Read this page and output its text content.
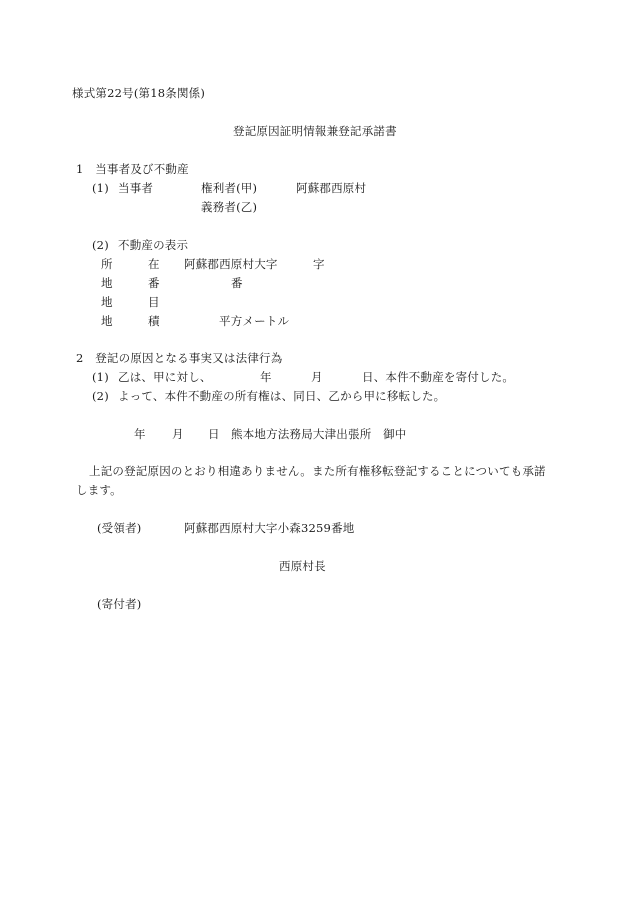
様式第22号(第18条関係)
登記原因証明情報兼登記承諾書
1　当事者及び不動産
(1) 当事者	権利者(甲)	阿蘇郡西原村
義務者(乙)
(2) 不動産の表示
所	在 阿蘇郡西原村大字	字
地	番	番
地	目
地	積	平方メートル
2　登記の原因となる事実又は法律行為
(1) 乙は、甲に対し、	年	月	日、本件不動産を寄付した。
(2) よって、本件不動産の所有権は、同日、乙から甲に移転した。
年 月 日 熊本地方法務局大津出張所　御中
上記の登記原因のとおり相違ありません。また所有権移転登記することについても承諾
します。
(受領者)	阿蘇郡西原村大字小森3259番地
西原村長
(寄付者)
